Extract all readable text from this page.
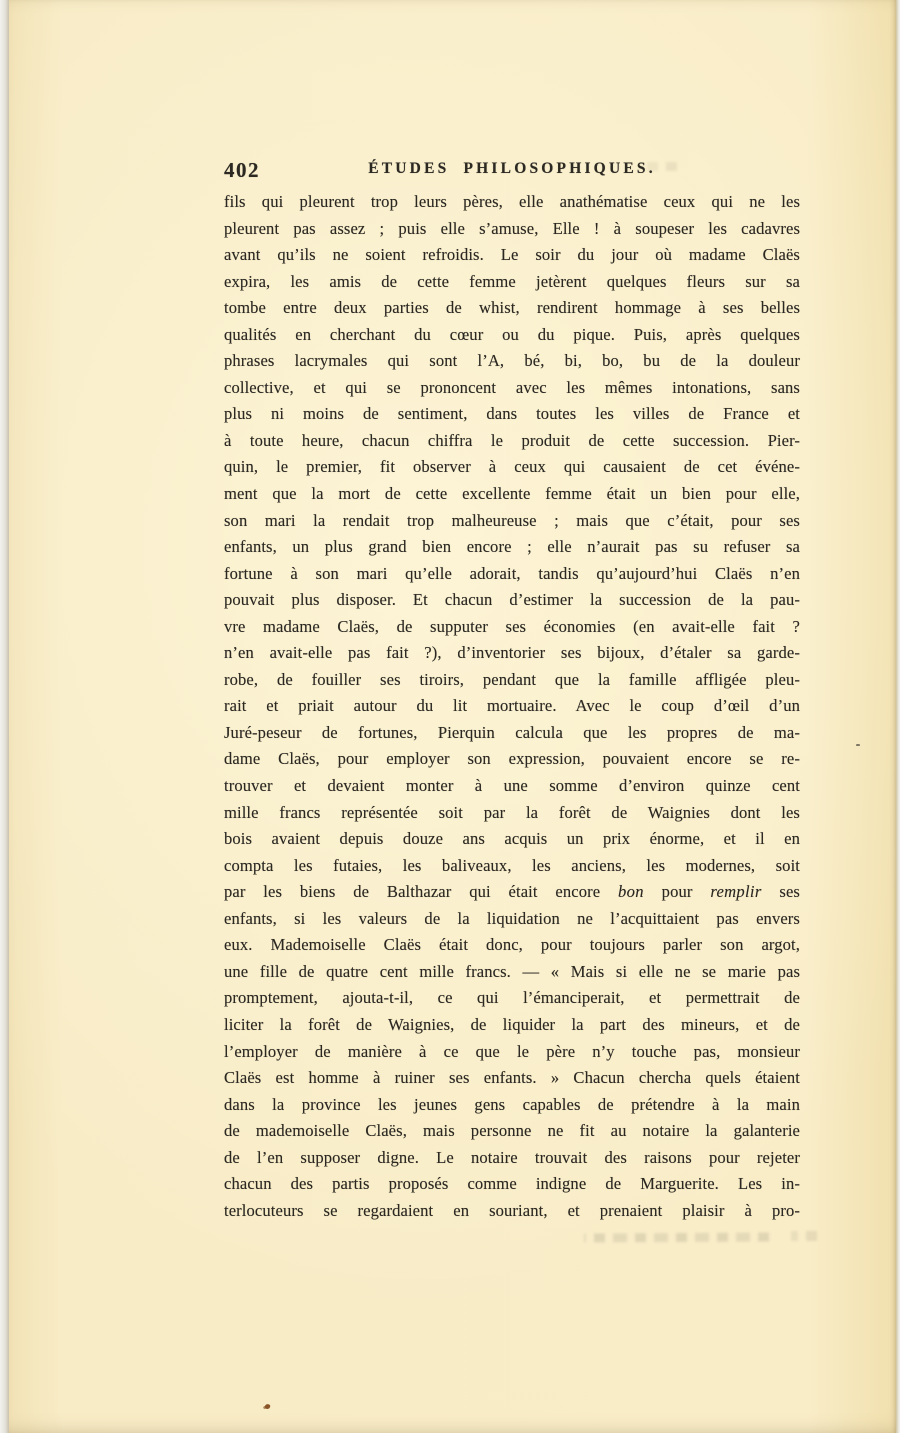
402	ÉTUDES PHILOSOPHIQUES.
fils qui pleurent trop leurs pères, elle anathématise ceux qui ne les
pleurent pas assez ; puis elle s’amuse, Elle ! à soupeser les cadavres
avant qu’ils ne soient refroidis. Le soir du jour où madame Claës
expira, les amis de cette femme jetèrent quelques fleurs sur sa
tombe entre deux parties de whist, rendirent hommage à ses belles
qualités en cherchant du cœur ou du pique. Puis, après quelques
phrases lacrymales qui sont l’A, bé, bi, bo, bu de la douleur
collective, et qui se prononcent avec les mêmes intonations, sans
plus ni moins de sentiment, dans toutes les villes de France et
à toute heure, chacun chiffra le produit de cette succession. Pier-
quin, le premier, fit observer à ceux qui causaient de cet événe-
ment que la mort de cette excellente femme était un bien pour elle,
son mari la rendait trop malheureuse ; mais que c’était, pour ses
enfants, un plus grand bien encore ; elle n’aurait pas su refuser sa
fortune à son mari qu’elle adorait, tandis qu’aujourd’hui Claës n’en
pouvait plus disposer. Et chacun d’estimer la succession de la pau-
vre madame Claës, de supputer ses économies (en avait-elle fait ?
n’en avait-elle pas fait ?), d’inventorier ses bijoux, d’étaler sa garde-
robe, de fouiller ses tiroirs, pendant que la famille affligée pleu-
rait et priait autour du lit mortuaire. Avec le coup d’œil d’un
Juré-peseur de fortunes, Pierquin calcula que les propres de ma-
dame Claës, pour employer son expression, pouvaient encore se re-
trouver et devaient monter à une somme d’environ quinze cent
mille francs représentée soit par la forêt de Waignies dont les
bois avaient depuis douze ans acquis un prix énorme, et il en
compta les futaies, les baliveaux, les anciens, les modernes, soit
par les biens de Balthazar qui était encore bon pour remplir ses
enfants, si les valeurs de la liquidation ne l’acquittaient pas envers
eux. Mademoiselle Claës était donc, pour toujours parler son argot,
une fille de quatre cent mille francs. — « Mais si elle ne se marie pas
promptement, ajouta-t-il, ce qui l’émanciperait, et permettrait de
liciter la forêt de Waignies, de liquider la part des mineurs, et de
l’employer de manière à ce que le père n’y touche pas, monsieur
Claës est homme à ruiner ses enfants. » Chacun chercha quels étaient
dans la province les jeunes gens capables de prétendre à la main
de mademoiselle Claës, mais personne ne fit au notaire la galanterie
de l’en supposer digne. Le notaire trouvait des raisons pour rejeter
chacun des partis proposés comme indigne de Marguerite. Les in-
terlocuteurs se regardaient en souriant, et prenaient plaisir à pro-
